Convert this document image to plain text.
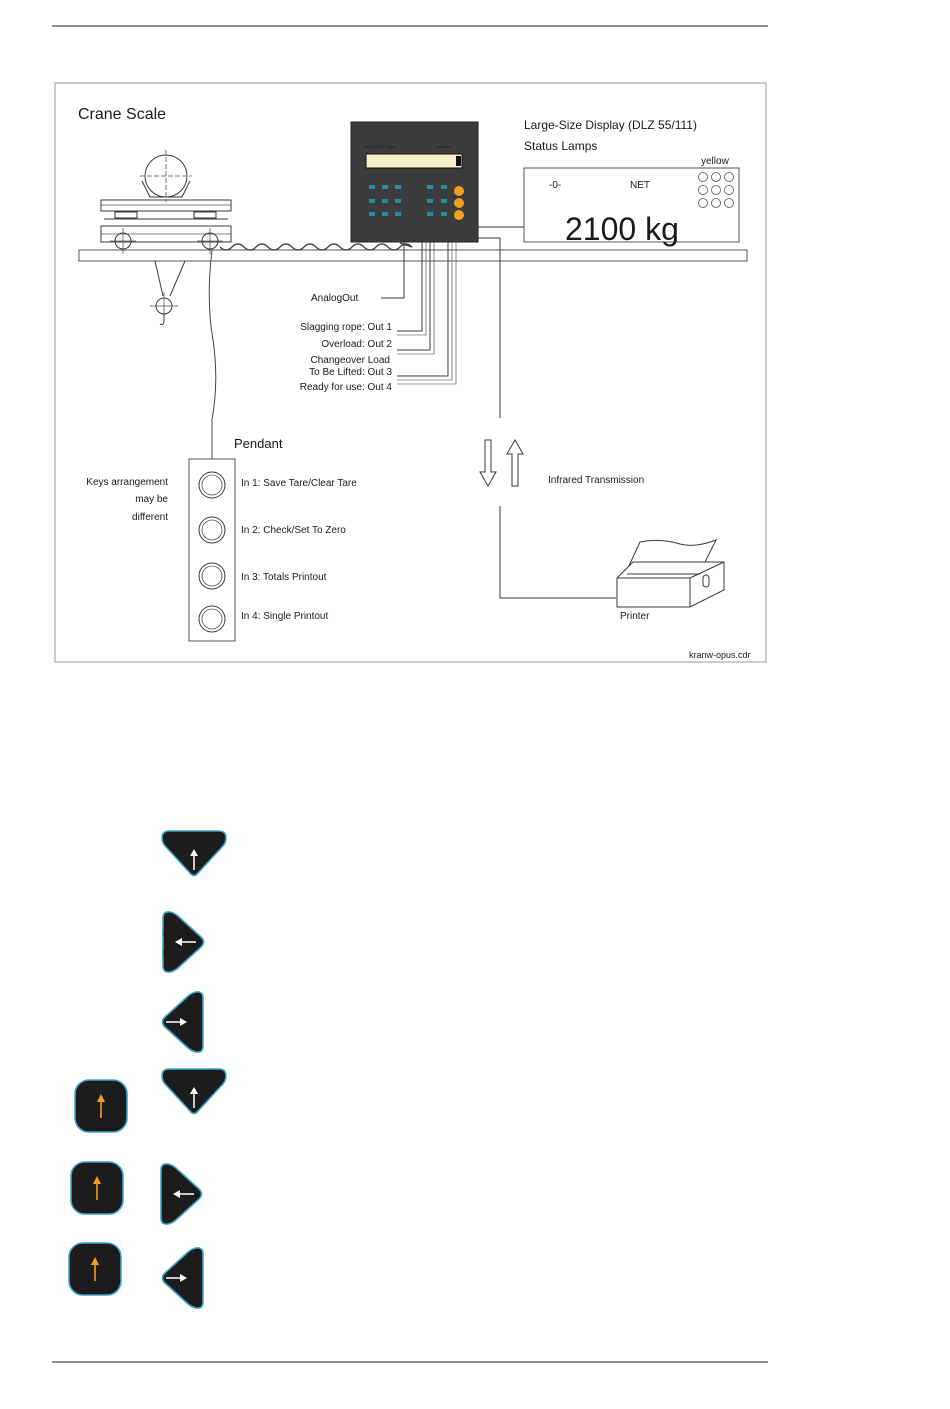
Crane Scale
DISOMAT® Opus	schenck
Large-Size Display (DLZ 55/111)
Status Lamps
yellow
-0-	NET
2100 kg
AnalogOut
Slagging rope: Out 1
Overload: Out 2
Changeover Load
To Be Lifted: Out 3
Ready for use: Out 4
Pendant
Keys arrangement
may be
different
In 1: Save Tare/Clear Tare
In 2: Check/Set To Zero
In 3: Totals Printout
In 4: Single Printout
Infrared Transmission
Printer
kranw-opus.cdr
F1 F4
F5
F2
F6
F3
F1 F4
F5
F2
F6
F3
